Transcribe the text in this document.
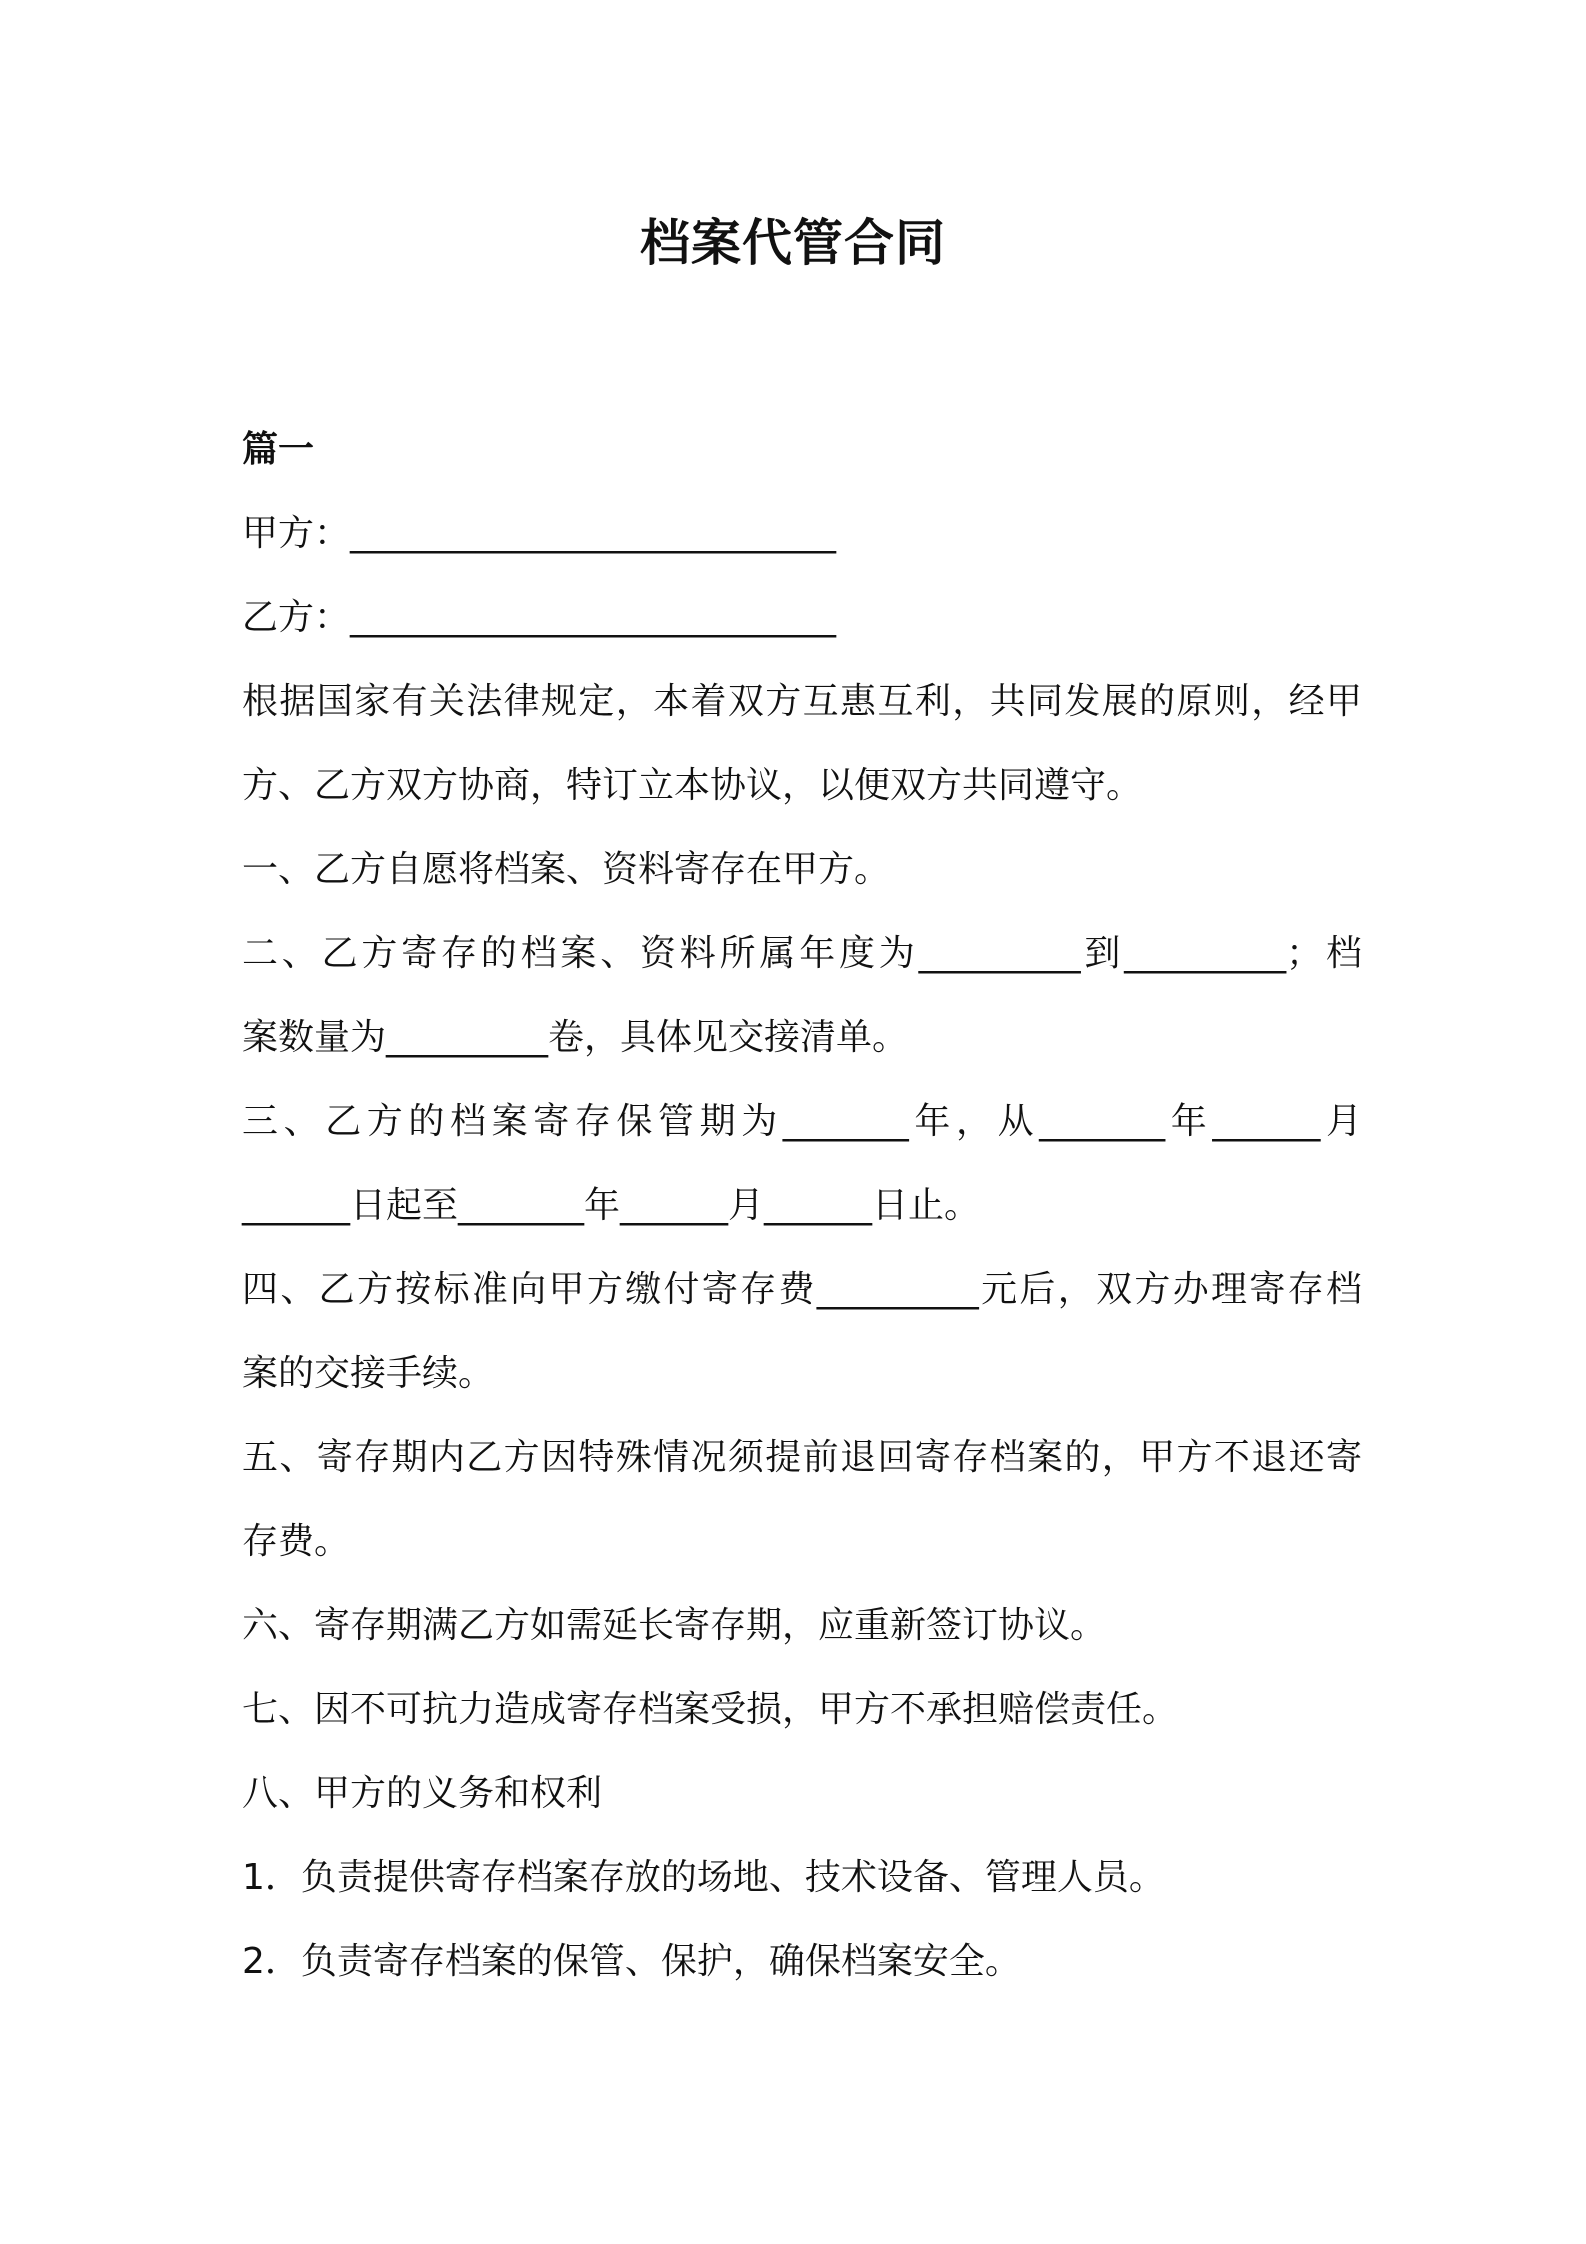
档案代管合同
篇一
甲方：___________________________
乙方：___________________________
根据国家有关法律规定，本着双方互惠互利，共同发展的原则，经甲
方、乙方双方协商，特订立本协议，以便双方共同遵守。
一、乙方自愿将档案、资料寄存在甲方。
二、乙方寄存的档案、资料所属年度为_________到_________；档
案数量为_________卷，具体见交接清单。
三、乙方的档案寄存保管期为_______年，从_______年______月
______日起至_______年______月______日止。
四、乙方按标准向甲方缴付寄存费_________元后，双方办理寄存档
案的交接手续。
五、寄存期内乙方因特殊情况须提前退回寄存档案的，甲方不退还寄
存费。
六、寄存期满乙方如需延长寄存期，应重新签订协议。
七、因不可抗力造成寄存档案受损，甲方不承担赔偿责任。
八、甲方的义务和权利
1．负责提供寄存档案存放的场地、技术设备、管理人员。
2．负责寄存档案的保管、保护，确保档案安全。
